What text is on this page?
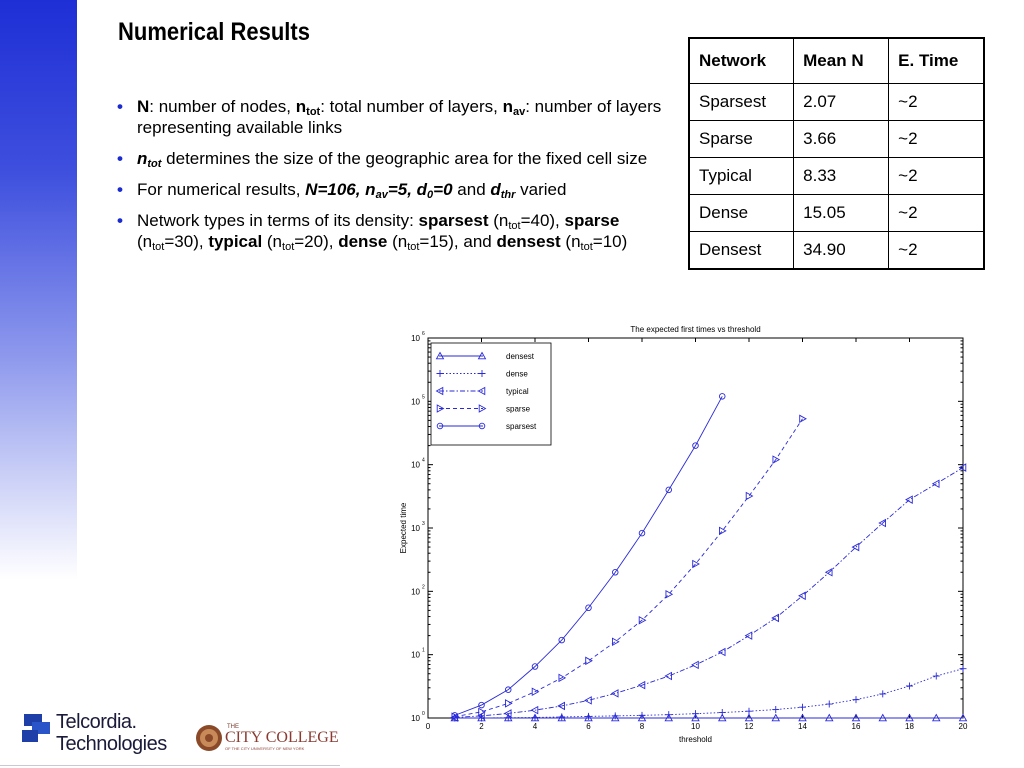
Numerical Results
• N: number of nodes, $n_{tot}$: total number of layers, $n_{av}$: number of layers representing available links
• $n_{tot}$ determines the size of the geographic area for the fixed cell size
• For numerical results, N=106, $n_{av}=5$, $d_0=0$ and $d_{thr}$ varied
• Network types in terms of its density: sparsest $(n_{tot}=40)$, sparse $(n_{tot}=30)$, typical $(n_{tot}=20)$, dense $(n_{tot}=15)$, and densest $(n_{tot}=10)$
Network	Mean N	E. Time
Sparsest	2.07	~2
Sparse	3.66	~2
Typical	8.33	~2
Dense	15.05	~2
Densest	34.90	~2
The expected first times vs threshold
threshold
Expected time
0	2	4	6	8	10	12	14	16	18	20
10 0
10 1
10 2
10 3
10 4
10 5
10 6
densest
dense
typical
sparse
sparsest
Telcordia.
Technologies
THE
CITY COLLEGE
OF THE CITY UNIVERSITY OF NEW YORK
